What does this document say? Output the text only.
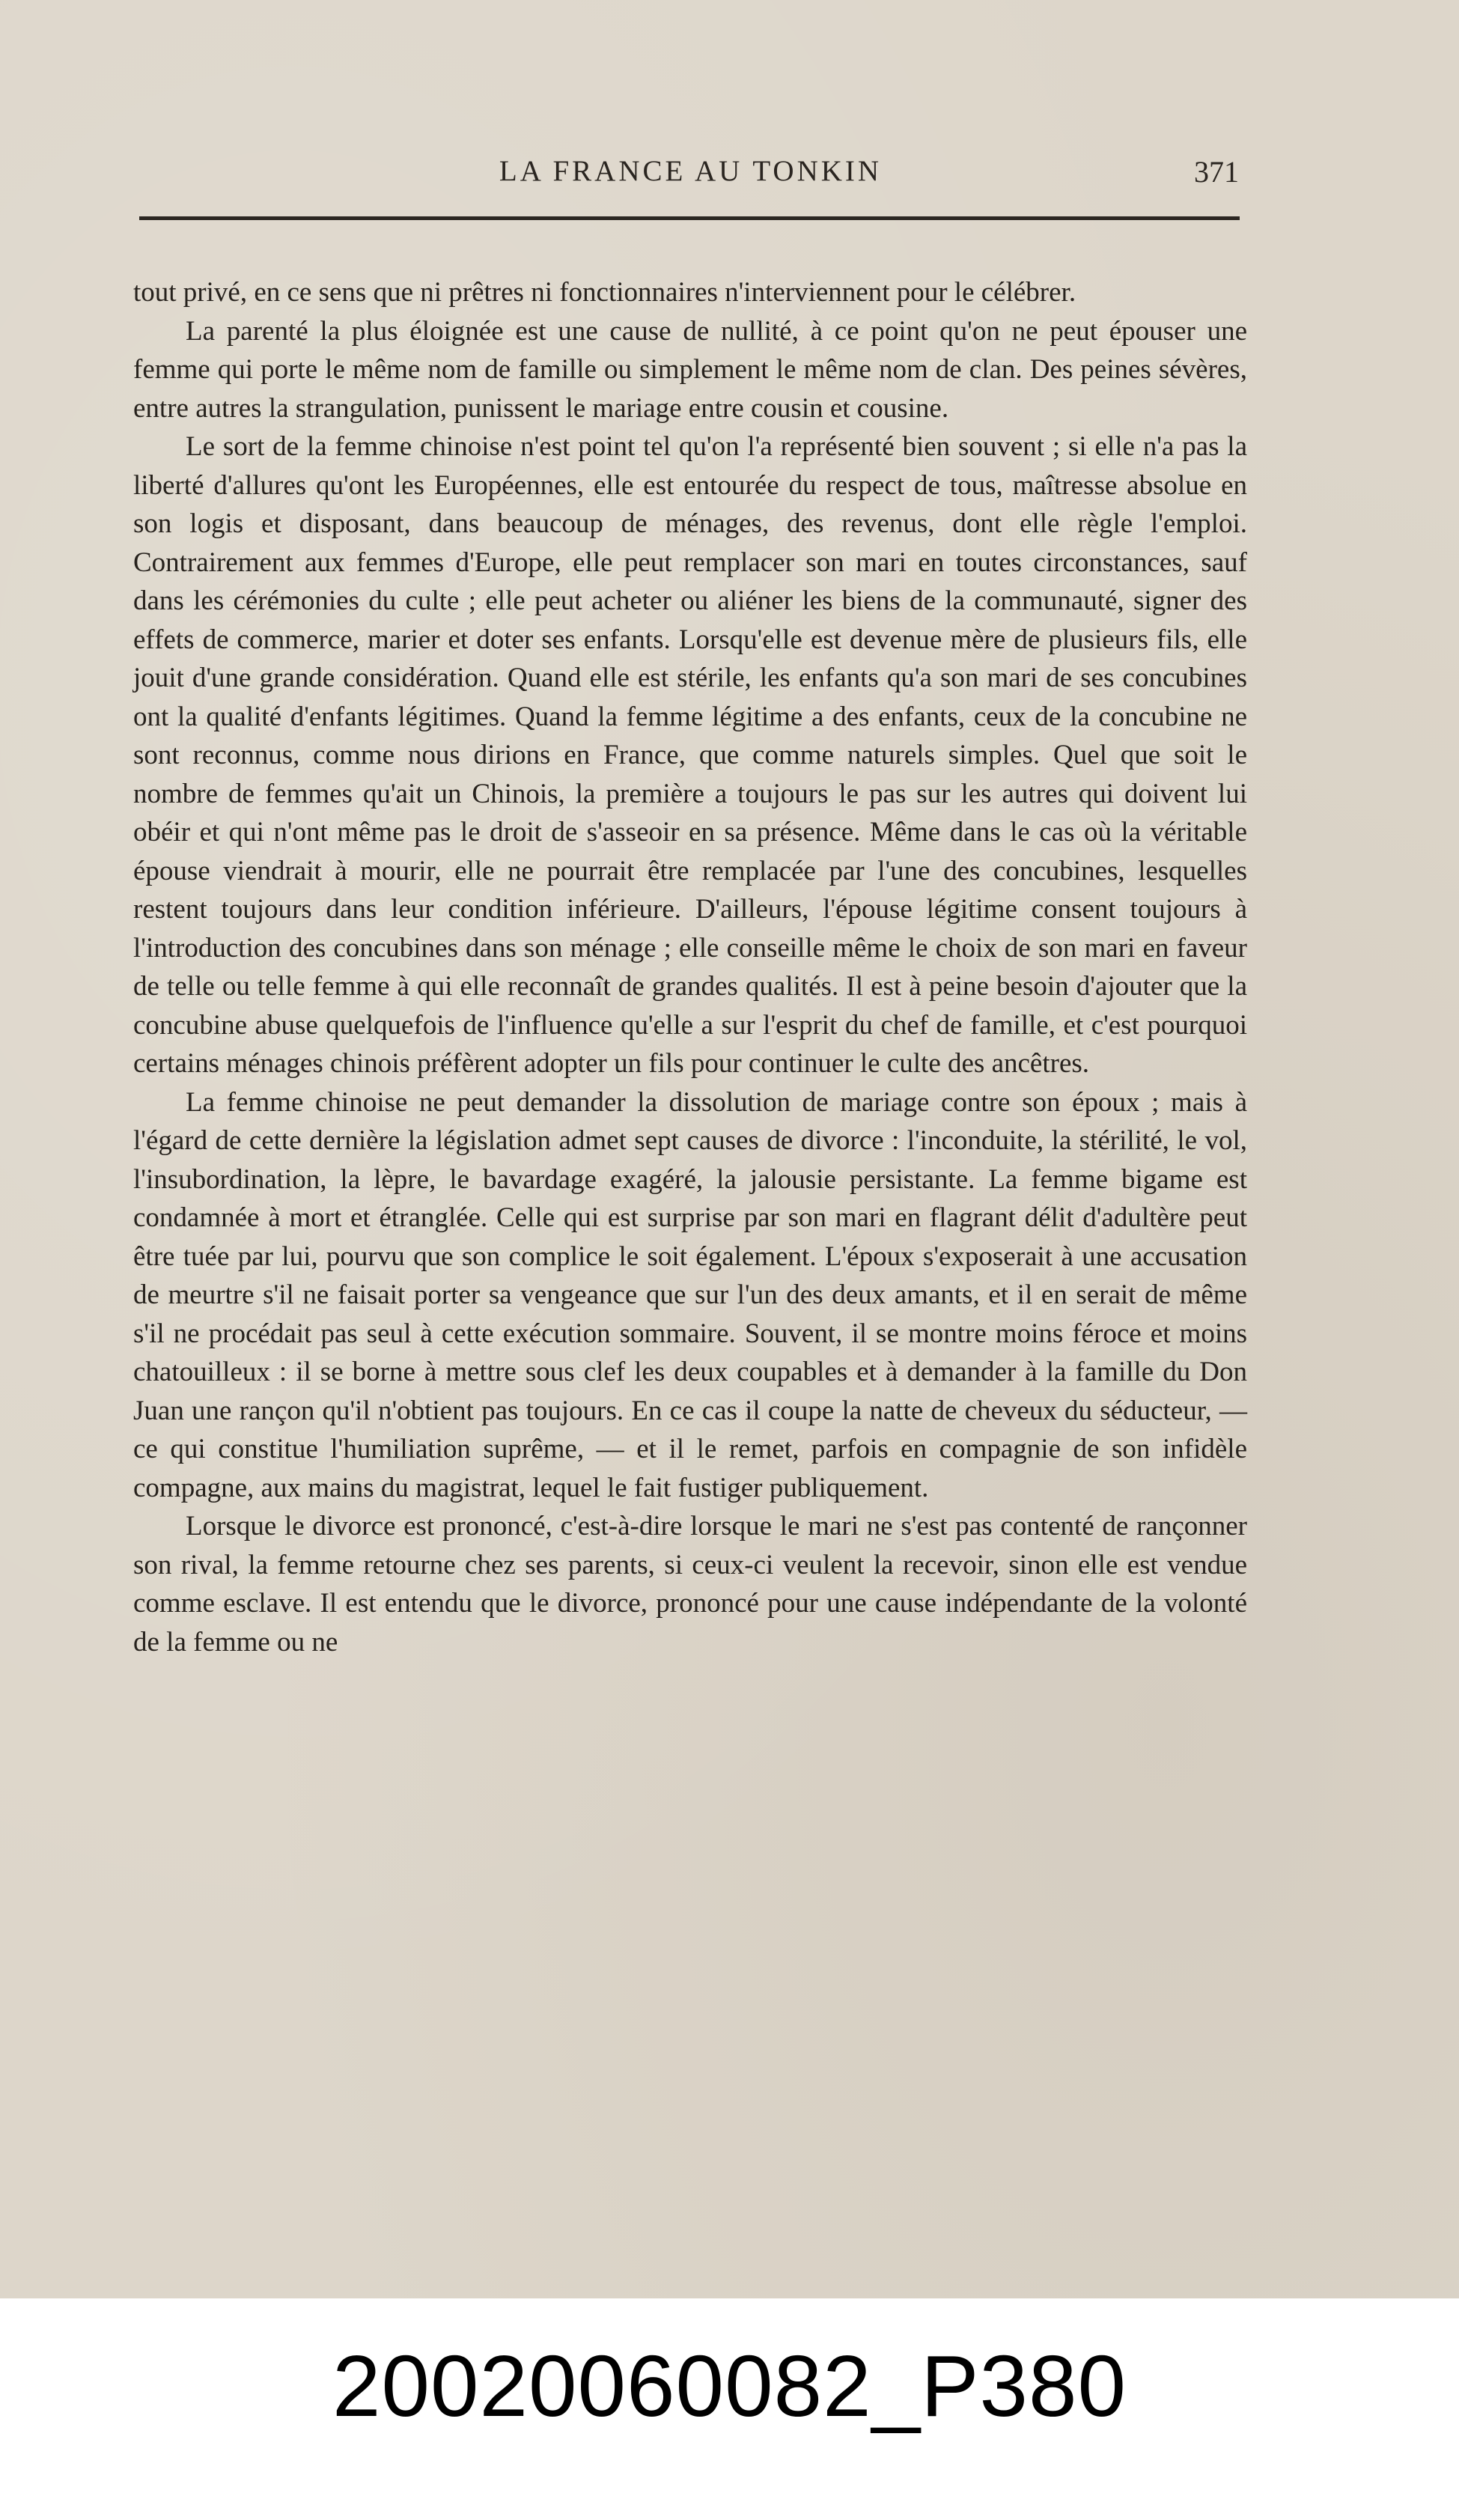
LA FRANCE AU TONKIN	371

tout privé, en ce sens que ni prêtres ni fonctionnaires n'interviennent pour le célébrer.

La parenté la plus éloignée est une cause de nullité, à ce point qu'on ne peut épouser une femme qui porte le même nom de famille ou simplement le même nom de clan. Des peines sévères, entre autres la strangulation, punissent le mariage entre cousin et cousine.

Le sort de la femme chinoise n'est point tel qu'on l'a représenté bien souvent ; si elle n'a pas la liberté d'allures qu'ont les Européennes, elle est entourée du respect de tous, maîtresse absolue en son logis et disposant, dans beaucoup de ménages, des revenus, dont elle règle l'emploi. Contrairement aux femmes d'Europe, elle peut remplacer son mari en toutes circonstances, sauf dans les cérémonies du culte ; elle peut acheter ou aliéner les biens de la communauté, signer des effets de commerce, marier et doter ses enfants. Lorsqu'elle est devenue mère de plusieurs fils, elle jouit d'une grande considération. Quand elle est stérile, les enfants qu'a son mari de ses concubines ont la qualité d'enfants légitimes. Quand la femme légitime a des enfants, ceux de la concubine ne sont reconnus, comme nous dirions en France, que comme naturels simples. Quel que soit le nombre de femmes qu'ait un Chinois, la première a toujours le pas sur les autres qui doivent lui obéir et qui n'ont même pas le droit de s'asseoir en sa présence. Même dans le cas où la véritable épouse viendrait à mourir, elle ne pourrait être remplacée par l'une des concubines, lesquelles restent toujours dans leur condition inférieure. D'ailleurs, l'épouse légitime consent toujours à l'introduction des concubines dans son ménage ; elle conseille même le choix de son mari en faveur de telle ou telle femme à qui elle reconnaît de grandes qualités. Il est à peine besoin d'ajouter que la concubine abuse quelquefois de l'influence qu'elle a sur l'esprit du chef de famille, et c'est pourquoi certains ménages chinois préfèrent adopter un fils pour continuer le culte des ancêtres.

La femme chinoise ne peut demander la dissolution de mariage contre son époux ; mais à l'égard de cette dernière la législation admet sept causes de divorce : l'inconduite, la stérilité, le vol, l'insubordination, la lèpre, le bavardage exagéré, la jalousie persistante. La femme bigame est condamnée à mort et étranglée. Celle qui est surprise par son mari en flagrant délit d'adultère peut être tuée par lui, pourvu que son complice le soit également. L'époux s'exposerait à une accusation de meurtre s'il ne faisait porter sa vengeance que sur l'un des deux amants, et il en serait de même s'il ne procédait pas seul à cette exécution sommaire. Souvent, il se montre moins féroce et moins chatouilleux : il se borne à mettre sous clef les deux coupables et à demander à la famille du Don Juan une rançon qu'il n'obtient pas toujours. En ce cas il coupe la natte de cheveux du séducteur, — ce qui constitue l'humiliation suprême, — et il le remet, parfois en compagnie de son infidèle compagne, aux mains du magistrat, lequel le fait fustiger publiquement.

Lorsque le divorce est prononcé, c'est-à-dire lorsque le mari ne s'est pas contenté de rançonner son rival, la femme retourne chez ses parents, si ceux-ci veulent la recevoir, sinon elle est vendue comme esclave. Il est entendu que le divorce, prononcé pour une cause indépendante de la volonté de la femme ou ne

20020060082_P380
